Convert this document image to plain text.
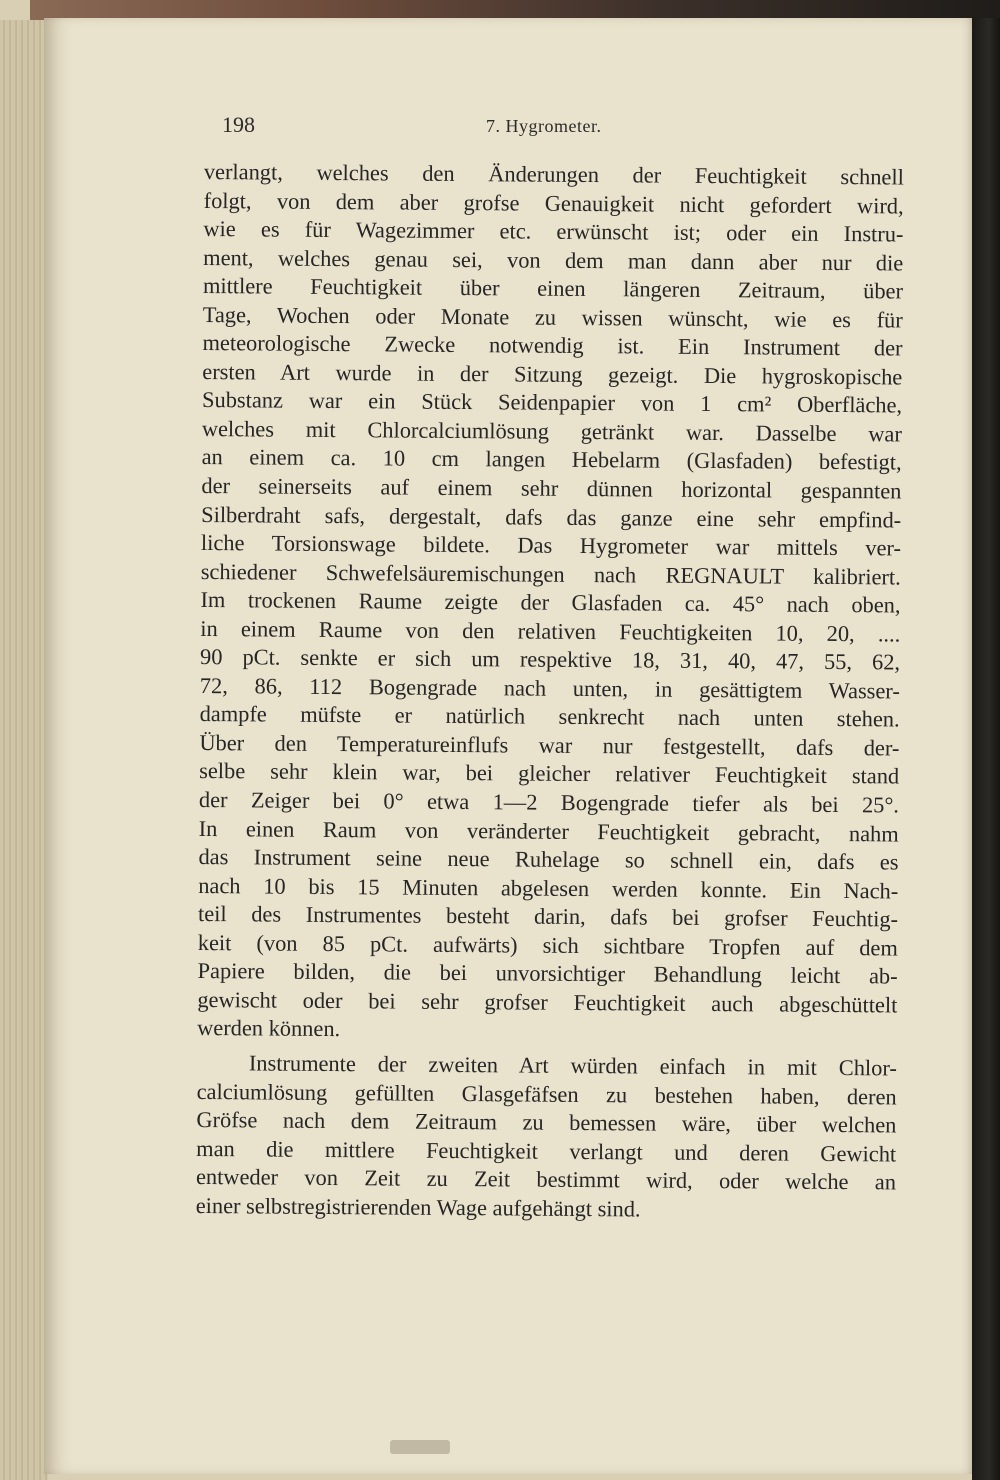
198	7. Hygrometer.
verlangt, welches den Änderungen der Feuchtigkeit schnell
folgt, von dem aber grofse Genauigkeit nicht gefordert wird,
wie es für Wagezimmer etc. erwünscht ist; oder ein Instru-
ment, welches genau sei, von dem man dann aber nur die
mittlere Feuchtigkeit über einen längeren Zeitraum, über
Tage, Wochen oder Monate zu wissen wünscht, wie es für
meteorologische Zwecke notwendig ist. Ein Instrument der
ersten Art wurde in der Sitzung gezeigt. Die hygroskopische
Substanz war ein Stück Seidenpapier von 1 cm² Oberfläche,
welches mit Chlorcalciumlösung getränkt war. Dasselbe war
an einem ca. 10 cm langen Hebelarm (Glasfaden) befestigt,
der seinerseits auf einem sehr dünnen horizontal gespannten
Silberdraht safs, dergestalt, dafs das ganze eine sehr empfind-
liche Torsionswage bildete. Das Hygrometer war mittels ver-
schiedener Schwefelsäuremischungen nach REGNAULT kalibriert.
Im trockenen Raume zeigte der Glasfaden ca. 45° nach oben,
in einem Raume von den relativen Feuchtigkeiten 10, 20, ....
90 pCt. senkte er sich um respektive 18, 31, 40, 47, 55, 62,
72, 86, 112 Bogengrade nach unten, in gesättigtem Wasser-
dampfe müfste er natürlich senkrecht nach unten stehen.
Über den Temperatureinflufs war nur festgestellt, dafs der-
selbe sehr klein war, bei gleicher relativer Feuchtigkeit stand
der Zeiger bei 0° etwa 1—2 Bogengrade tiefer als bei 25°.
In einen Raum von veränderter Feuchtigkeit gebracht, nahm
das Instrument seine neue Ruhelage so schnell ein, dafs es
nach 10 bis 15 Minuten abgelesen werden konnte. Ein Nach-
teil des Instrumentes besteht darin, dafs bei grofser Feuchtig-
keit (von 85 pCt. aufwärts) sich sichtbare Tropfen auf dem
Papiere bilden, die bei unvorsichtiger Behandlung leicht ab-
gewischt oder bei sehr grofser Feuchtigkeit auch abgeschüttelt
werden können.
Instrumente der zweiten Art würden einfach in mit Chlor-
calciumlösung gefüllten Glasgefäfsen zu bestehen haben, deren
Gröfse nach dem Zeitraum zu bemessen wäre, über welchen
man die mittlere Feuchtigkeit verlangt und deren Gewicht
entweder von Zeit zu Zeit bestimmt wird, oder welche an
einer selbstregistrierenden Wage aufgehängt sind.
